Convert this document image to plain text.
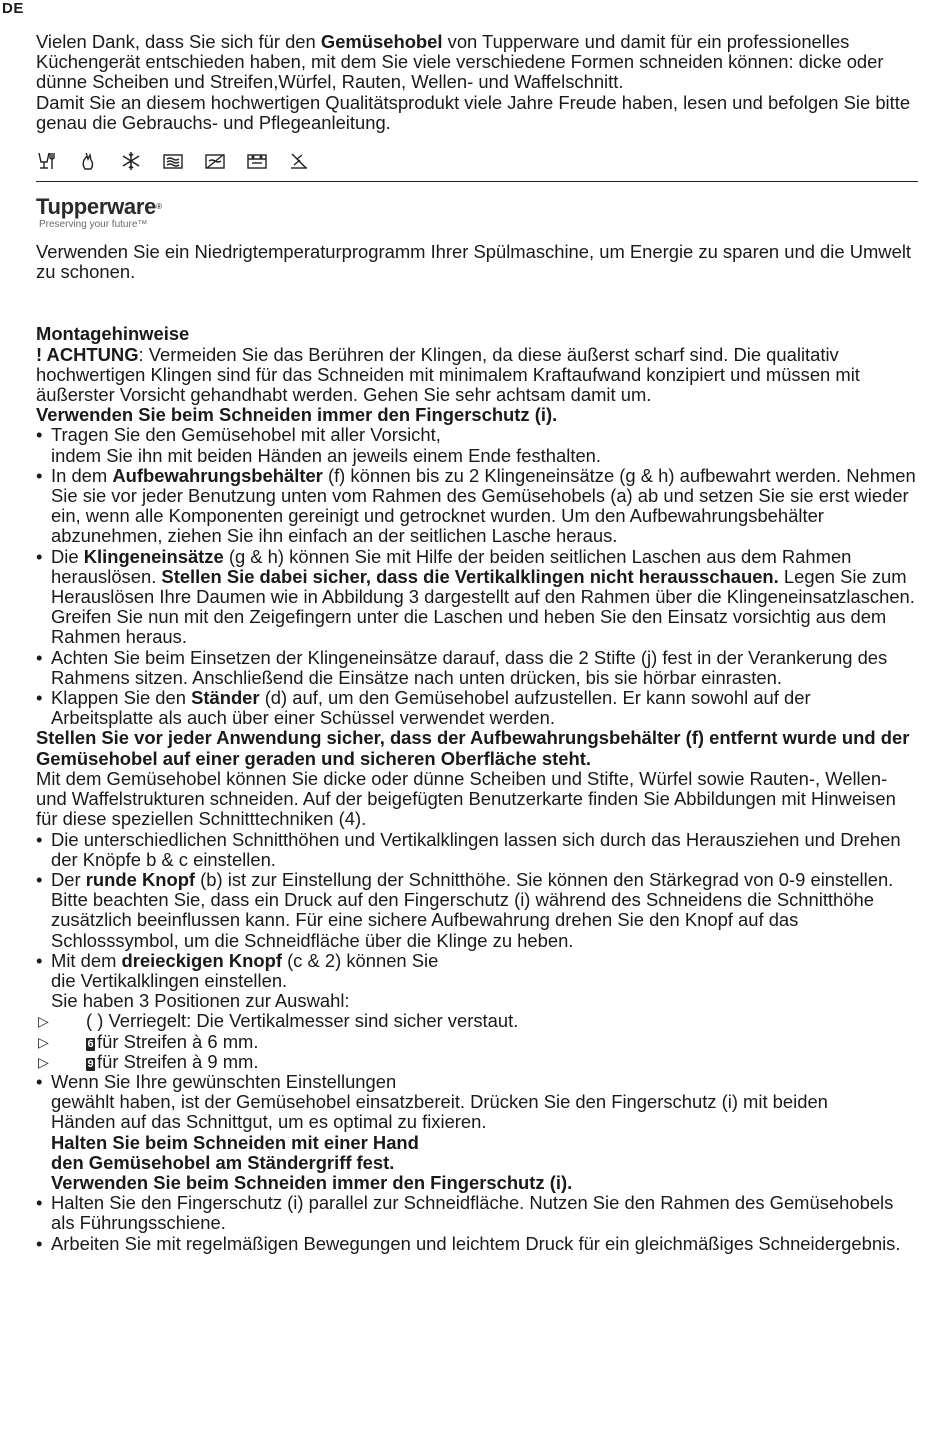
DE

Vielen Dank, dass Sie sich für den Gemüsehobel von Tupperware und damit für ein professionelles Küchengerät entschieden haben, mit dem Sie viele verschiedene Formen schneiden können: dicke oder dünne Scheiben und Streifen,Würfel, Rauten, Wellen- und Waffelschnitt.

Damit Sie an diesem hochwertigen Qualitätsprodukt viele Jahre Freude haben, lesen und befolgen Sie bitte genau die Gebrauchs- und Pflegeanleitung.

Tupperware®
Preserving your future™

Verwenden Sie ein Niedrigtemperaturprogramm Ihrer Spülmaschine, um Energie zu sparen und die Umwelt zu schonen.

Montagehinweise

! ACHTUNG: Vermeiden Sie das Berühren der Klingen, da diese äußerst scharf sind. Die qualitativ hochwertigen Klingen sind für das Schneiden mit minimalem Kraftaufwand konzipiert und müssen mit äußerster Vorsicht gehandhabt werden. Gehen Sie sehr achtsam damit um.

Verwenden Sie beim Schneiden immer den Fingerschutz (i).

• Tragen Sie den Gemüsehobel mit aller Vorsicht,
indem Sie ihn mit beiden Händen an jeweils einem Ende festhalten.
• In dem Aufbewahrungsbehälter (f) können bis zu 2 Klingeneinsätze (g & h) aufbewahrt werden. Nehmen Sie sie vor jeder Benutzung unten vom Rahmen des Gemüsehobels (a) ab und setzen Sie sie erst wieder ein, wenn alle Komponenten gereinigt und getrocknet wurden. Um den Aufbewahrungsbehälter abzunehmen, ziehen Sie ihn einfach an der seitlichen Lasche heraus.
• Die Klingeneinsätze (g & h) können Sie mit Hilfe der beiden seitlichen Laschen aus dem Rahmen herauslösen. Stellen Sie dabei sicher, dass die Vertikalklingen nicht herausschauen. Legen Sie zum Herauslösen Ihre Daumen wie in Abbildung 3 dargestellt auf den Rahmen über die Klingeneinsatzlaschen. Greifen Sie nun mit den Zeigefingern unter die Laschen und heben Sie den Einsatz vorsichtig aus dem Rahmen heraus.
• Achten Sie beim Einsetzen der Klingeneinsätze darauf, dass die 2 Stifte (j) fest in der Verankerung des Rahmens sitzen. Anschließend die Einsätze nach unten drücken, bis sie hörbar einrasten.
• Klappen Sie den Ständer (d) auf, um den Gemüsehobel aufzustellen. Er kann sowohl auf der Arbeitsplatte als auch über einer Schüssel verwendet werden.

Stellen Sie vor jeder Anwendung sicher, dass der Aufbewahrungsbehälter (f) entfernt wurde und der Gemüsehobel auf einer geraden und sicheren Oberfläche steht.

Mit dem Gemüsehobel können Sie dicke oder dünne Scheiben und Stifte, Würfel sowie Rauten-, Wellen- und Waffelstrukturen schneiden. Auf der beigefügten Benutzerkarte finden Sie Abbildungen mit Hinweisen für diese speziellen Schnitttechniken (4).

• Die unterschiedlichen Schnitthöhen und Vertikalklingen lassen sich durch das Herausziehen und Drehen der Knöpfe b & c einstellen.
• Der runde Knopf (b) ist zur Einstellung der Schnitthöhe. Sie können den Stärkegrad von 0-9 einstellen. Bitte beachten Sie, dass ein Druck auf den Fingerschutz (i) während des Schneidens die Schnitthöhe zusätzlich beeinflussen kann. Für eine sichere Aufbewahrung drehen Sie den Knopf auf das Schlosssymbol, um die Schneidfläche über die Klinge zu heben.
• Mit dem dreieckigen Knopf (c & 2) können Sie
die Vertikalklingen einstellen.
Sie haben 3 Positionen zur Auswahl:
▷ ( ) Verriegelt: Die Vertikalmesser sind sicher verstaut.
▷	6 für Streifen à 6 mm.
▷	9 für Streifen à 9 mm.
• Wenn Sie Ihre gewünschten Einstellungen
gewählt haben, ist der Gemüsehobel einsatzbereit. Drücken Sie den Fingerschutz (i) mit beiden
Händen auf das Schnittgut, um es optimal zu fixieren.
Halten Sie beim Schneiden mit einer Hand
den Gemüsehobel am Ständergriff fest.
Verwenden Sie beim Schneiden immer den Fingerschutz (i).
• Halten Sie den Fingerschutz (i) parallel zur Schneidfläche. Nutzen Sie den Rahmen des Gemüsehobels als Führungsschiene.
• Arbeiten Sie mit regelmäßigen Bewegungen und leichtem Druck für ein gleichmäßiges Schneidergebnis.
